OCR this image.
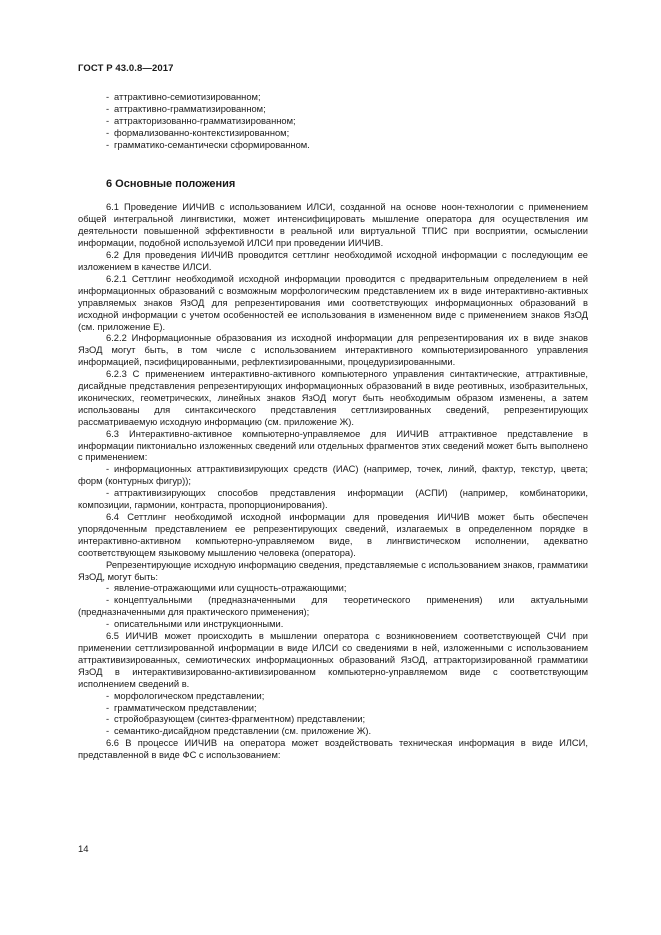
ГОСТ Р 43.0.8—2017
- аттрактивно-семиотизированном;
- аттрактивно-грамматизированном;
- аттракторизованно-грамматизированном;
- формализованно-контекстизированном;
- грамматико-семантически сформированном.
6 Основные положения

6.1 Проведение ИИЧИВ с использованием ИЛСИ, созданной на основе ноон-технологии с применением общей интегральной лингвистики, может интенсифицировать мышление оператора для осуществления им деятельности повышенной эффективности в реальной или виртуальной ТПИС при восприятии, осмыслении информации, подобной используемой ИЛСИ при проведении ИИЧИВ.

6.2 Для проведения ИИЧИВ проводится сеттлинг необходимой исходной информации с последующим ее изложением в качестве ИЛСИ.

6.2.1 Сеттлинг необходимой исходной информации проводится с предварительным определением в ней информационных образований с возможным морфологическим представлением их в виде интерактивно-активных управляемых знаков ЯзОД для репрезентирования ими соответствующих информационных образований в исходной информации с учетом особенностей ее использования в измененном виде с применением знаков ЯзОД (см. приложение Е).

6.2.2 Информационные образования из исходной информации для репрезентирования их в виде знаков ЯзОД могут быть, в том числе с использованием интерактивного компьютеризированного управления информацией, пэсифицированными, рефлектизированными, процедуризированными.

6.2.3 С применением интерактивно-активного компьютерного управления синтактические, аттрактивные, дисайдные представления репрезентирующих информационных образований в виде реотивных, изобразительных, иконических, геометрических, линейных знаков ЯзОД могут быть необходимым образом изменены, а затем использованы для синтаксического представления сеттлизированных сведений, репрезентирующих рассматриваемую исходную информацию (см. приложение Ж).

6.3 Интерактивно-активное компьютерно-управляемое для ИИЧИВ аттрактивное представление в информации пиктониально изложенных сведений или отдельных фрагментов этих сведений может быть выполнено с применением:

- информационных аттрактивизирующих средств (ИАС) (например, точек, линий, фактур, текстур, цвета; форм (контурных фигур));

- аттрактивизирующих способов представления информации (АСПИ) (например, комбинаторики, композиции, гармонии, контраста, пропорционирования).

6.4 Сеттлинг необходимой исходной информации для проведения ИИЧИВ может быть обеспечен упорядоченным представлением ее репрезентирующих сведений, излагаемых в определенном порядке в интерактивно-активном компьютерно-управляемом виде, в лингвистическом исполнении, адекватно соответствующем языковому мышлению человека (оператора).

Репрезентирующие исходную информацию сведения, представляемые с использованием знаков, грамматики ЯзОД, могут быть:

- явление-отражающими или сущность-отражающими;

- концептуальными (предназначенными для теоретического применения) или актуальными (предназначенными для практического применения);

- описательными или инструкционными.

6.5 ИИЧИВ может происходить в мышлении оператора с возникновением соответствующей СЧИ при применении сеттлизированной информации в виде ИЛСИ со сведениями в ней, изложенными с использованием аттрактивизированных, семиотических информационных образований ЯзОД, аттракторизированной грамматики ЯзОД в интерактивизированно-активизированном компьютерно-управляемом виде с соответствующим исполнением сведений в.

- морфологическом представлении;

- грамматическом представлении;

- стройобразующем (синтез-фрагментном) представлении;

- семантико-дисайдном представлении (см. приложение Ж).

6.6 В процессе ИИЧИВ на оператора может воздействовать техническая информация в виде ИЛСИ, представленной в виде ФС с использованием:

14
